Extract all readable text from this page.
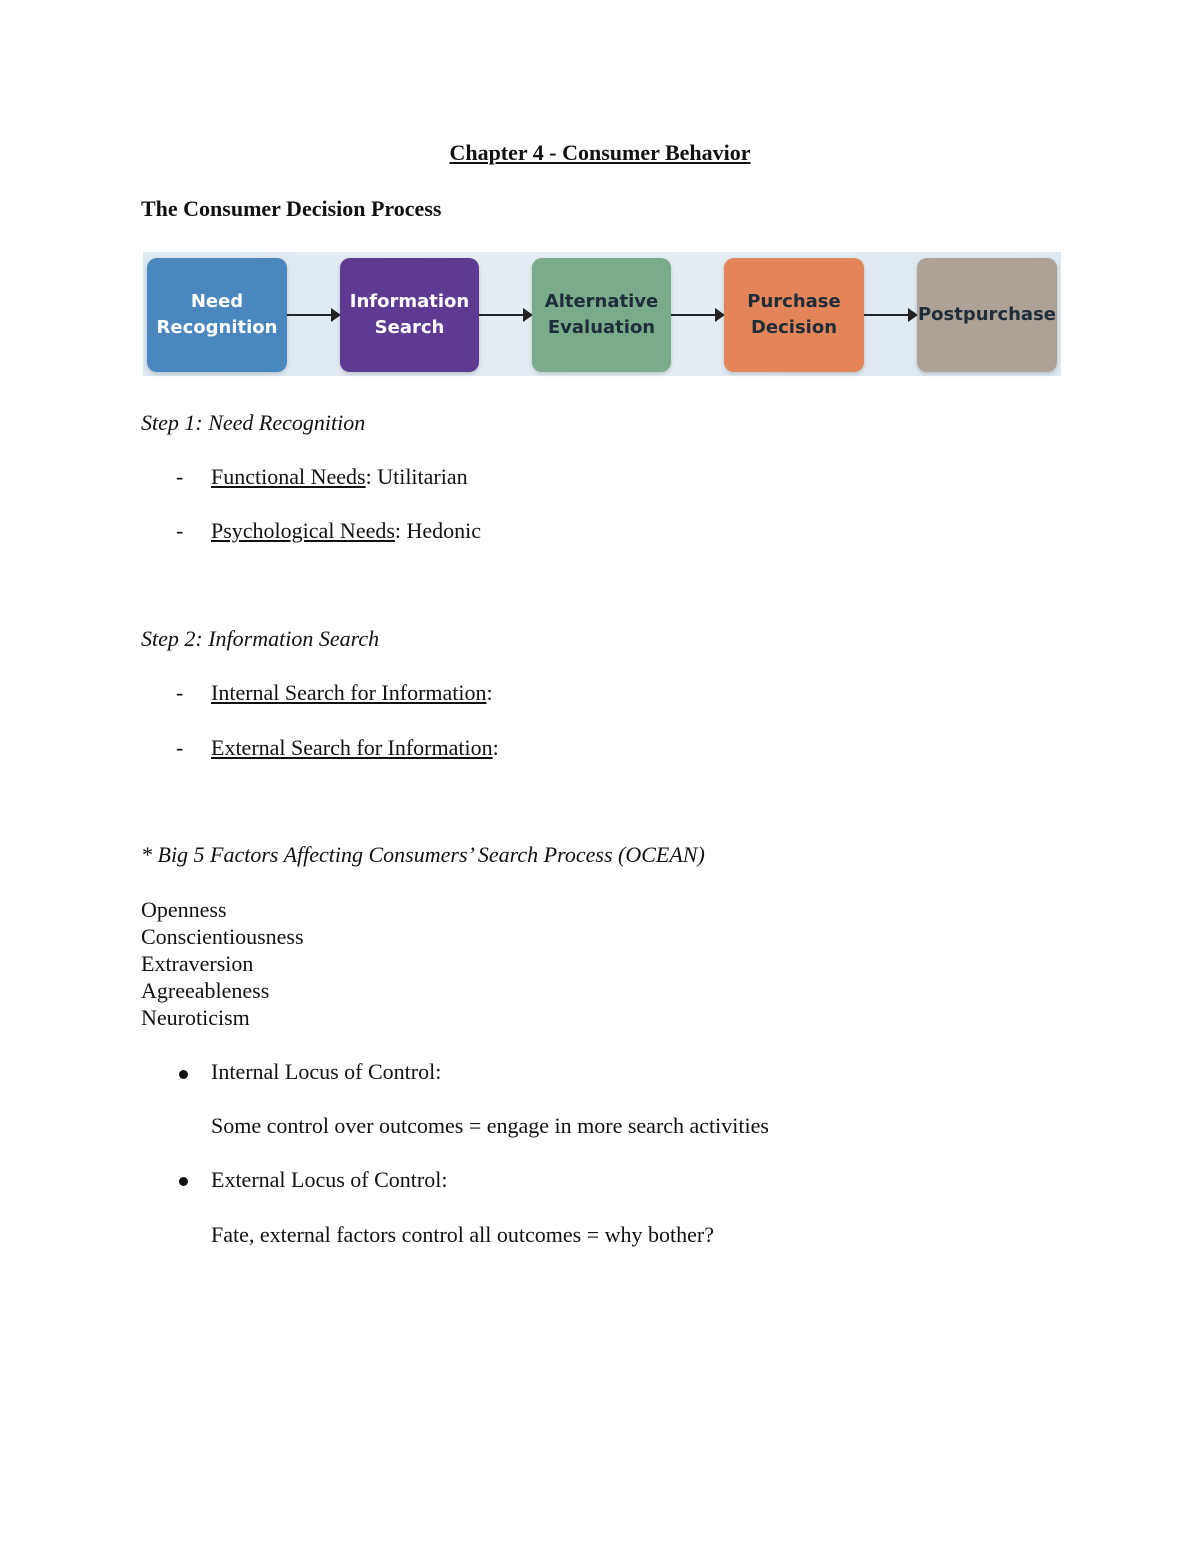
Chapter 4 - Consumer Behavior
The Consumer Decision Process
Need
Recognition
Information
Search
Alternative
Evaluation
Purchase
Decision
Postpurchase
Step 1: Need Recognition
- Functional Needs: Utilitarian
- Psychological Needs: Hedonic
Step 2: Information Search
- Internal Search for Information:
- External Search for Information:
* Big 5 Factors Affecting Consumers’ Search Process (OCEAN)
Openness
Conscientiousness
Extraversion
Agreeableness
Neuroticism
Internal Locus of Control:
Some control over outcomes = engage in more search activities
External Locus of Control:
Fate, external factors control all outcomes = why bother?
